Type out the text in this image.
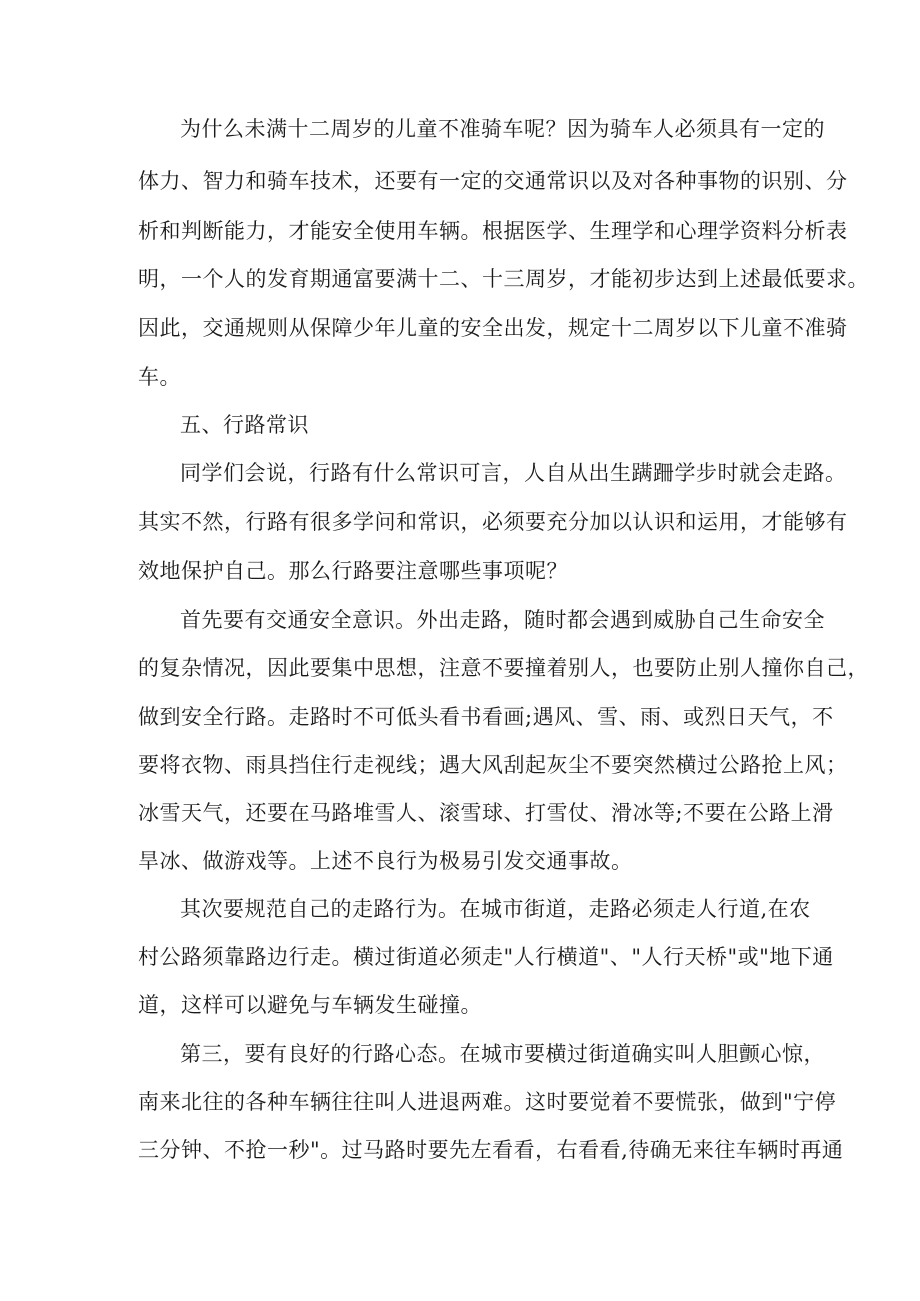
为什么未满十二周岁的儿童不准骑车呢？因为骑车人必须具有一定的
体力、智力和骑车技术，还要有一定的交通常识以及对各种事物的识别、分
析和判断能力，才能安全使用车辆。根据医学、生理学和心理学资料分析表
明，一个人的发育期通富要满十二、十三周岁，才能初步达到上述最低要求。
因此，交通规则从保障少年儿童的安全出发，规定十二周岁以下儿童不准骑
车。
五、行路常识
同学们会说，行路有什么常识可言，人自从出生蹒跚学步时就会走路。
其实不然，行路有很多学问和常识，必须要充分加以认识和运用，才能够有
效地保护自己。那么行路要注意哪些事项呢？
首先要有交通安全意识。外出走路，随时都会遇到威胁自己生命安全
的复杂情况，因此要集中思想，注意不要撞着别人，也要防止别人撞你自己，
做到安全行路。走路时不可低头看书看画;遇风、雪、雨、或烈日天气，不
要将衣物、雨具挡住行走视线；遇大风刮起灰尘不要突然横过公路抢上风；
冰雪天气，还要在马路堆雪人、滚雪球、打雪仗、滑冰等;不要在公路上滑
旱冰、做游戏等。上述不良行为极易引发交通事故。
其次要规范自己的走路行为。在城市街道，走路必须走人行道,在农
村公路须靠路边行走。横过街道必须走"人行横道"、"人行天桥"或"地下通
道，这样可以避免与车辆发生碰撞。
第三，要有良好的行路心态。在城市要横过街道确实叫人胆颤心惊，
南来北往的各种车辆往往叫人进退两难。这时要觉着不要慌张，做到"宁停
三分钟、不抢一秒"。过马路时要先左看看，右看看,待确无来往车辆时再通
